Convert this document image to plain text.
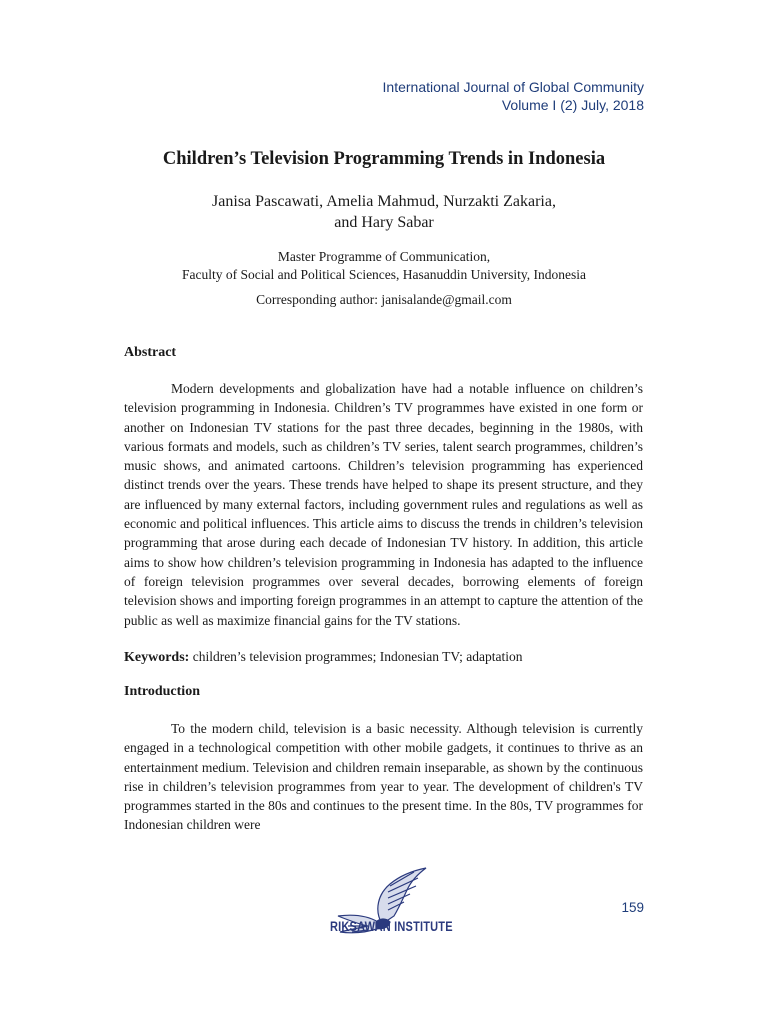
International Journal of Global Community
Volume I (2) July, 2018
Children’s Television Programming Trends in Indonesia
Janisa Pascawati, Amelia Mahmud, Nurzakti Zakaria,
and Hary Sabar
Master Programme of Communication,
Faculty of Social and Political Sciences, Hasanuddin University, Indonesia
Corresponding author: janisalande@gmail.com
Abstract
Modern developments and globalization have had a notable influence on children’s television programming in Indonesia. Children’s TV programmes have existed in one form or another on Indonesian TV stations for the past three decades, beginning in the 1980s, with various formats and models, such as children’s TV series, talent search programmes, children’s music shows, and animated cartoons. Children’s television programming has experienced distinct trends over the years. These trends have helped to shape its present structure, and they are influenced by many external factors, including government rules and regulations as well as economic and political influences. This article aims to discuss the trends in children’s television programming that arose during each decade of Indonesian TV history. In addition, this article aims to show how children’s television programming in Indonesia has adapted to the influence of foreign television programmes over several decades, borrowing elements of foreign television shows and importing foreign programmes in an attempt to capture the attention of the public as well as maximize financial gains for the TV stations.
Keywords: children’s television programmes; Indonesian TV; adaptation
Introduction
To the modern child, television is a basic necessity. Although television is currently engaged in a technological competition with other mobile gadgets, it continues to thrive as an entertainment medium. Television and children remain inseparable, as shown by the continuous rise in children’s television programmes from year to year. The development of children's TV programmes started in the 80s and continues to the present time. In the 80s, TV programmes for Indonesian children were
RIKSAWAN INSTITUTE
159
